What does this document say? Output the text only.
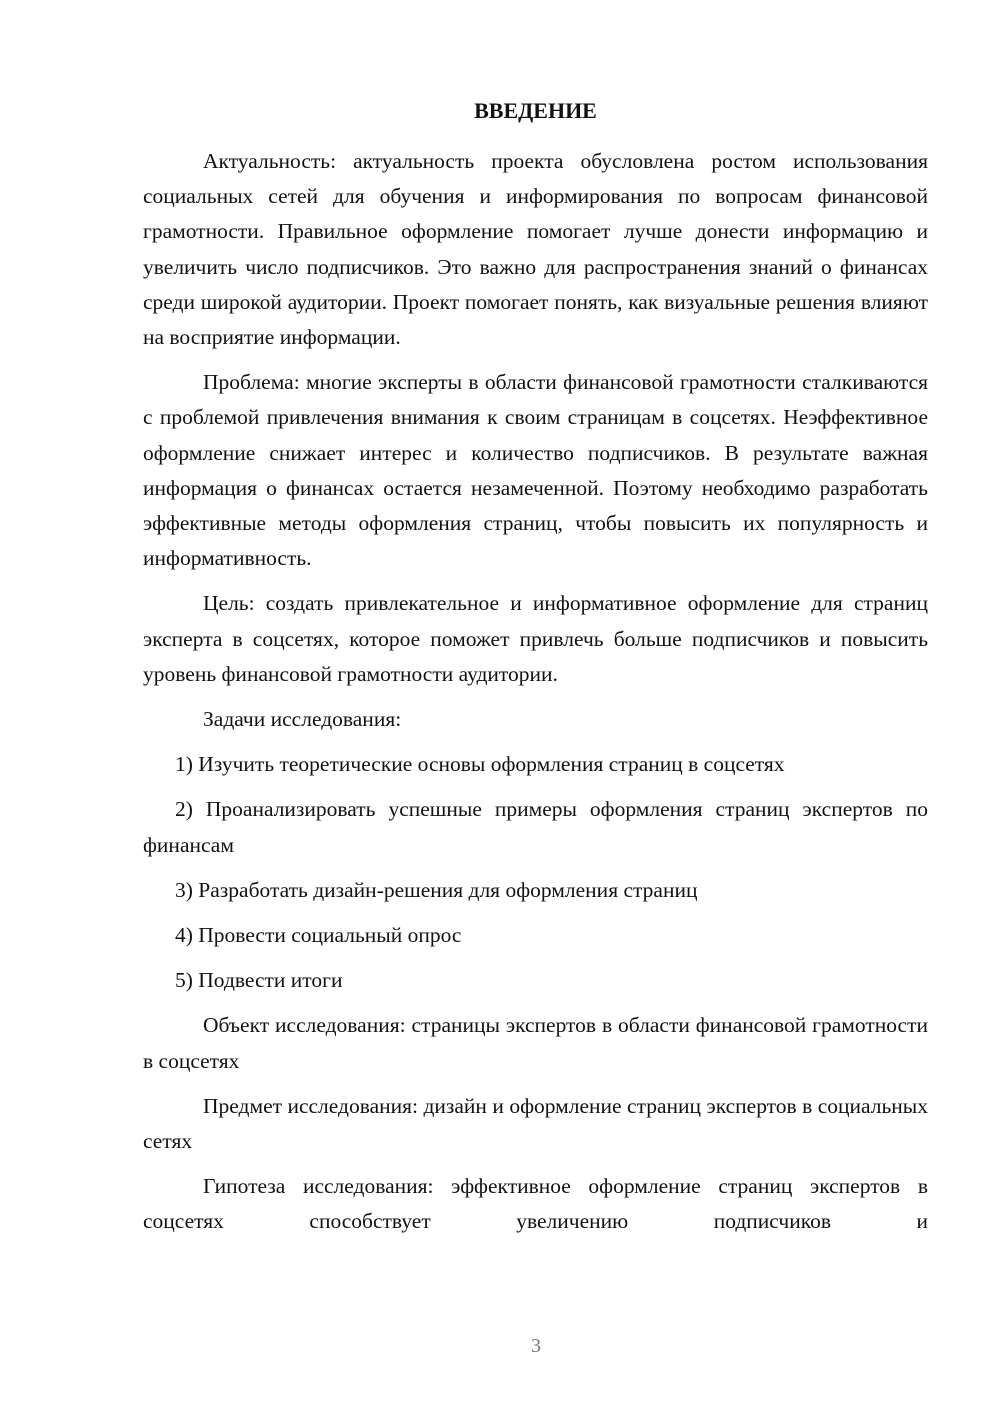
ВВЕДЕНИЕ

Актуальность: актуальность проекта обусловлена ростом использования социальных сетей для обучения и информирования по вопросам финансовой грамотности. Правильное оформление помогает лучше донести информацию и увеличить число подписчиков. Это важно для распространения знаний о финансах среди широкой аудитории. Проект помогает понять, как визуальные решения влияют на восприятие информации.

Проблема: многие эксперты в области финансовой грамотности сталкиваются с проблемой привлечения внимания к своим страницам в соцсетях. Неэффективное оформление снижает интерес и количество подписчиков. В результате важная информация о финансах остается незамеченной. Поэтому необходимо разработать эффективные методы оформления страниц, чтобы повысить их популярность и информативность.

Цель: создать привлекательное и информативное оформление для страниц эксперта в соцсетях, которое поможет привлечь больше подписчиков и повысить уровень финансовой грамотности аудитории.

Задачи исследования:

1) Изучить теоретические основы оформления страниц в соцсетях

2) Проанализировать успешные примеры оформления страниц экспертов по финансам

3) Разработать дизайн-решения для оформления страниц

4) Провести социальный опрос

5) Подвести итоги

Объект исследования: страницы экспертов в области финансовой грамотности в соцсетях

Предмет исследования: дизайн и оформление страниц экспертов в социальных сетях

Гипотеза исследования: эффективное оформление страниц экспертов в соцсетях способствует увеличению подписчиков и

3
